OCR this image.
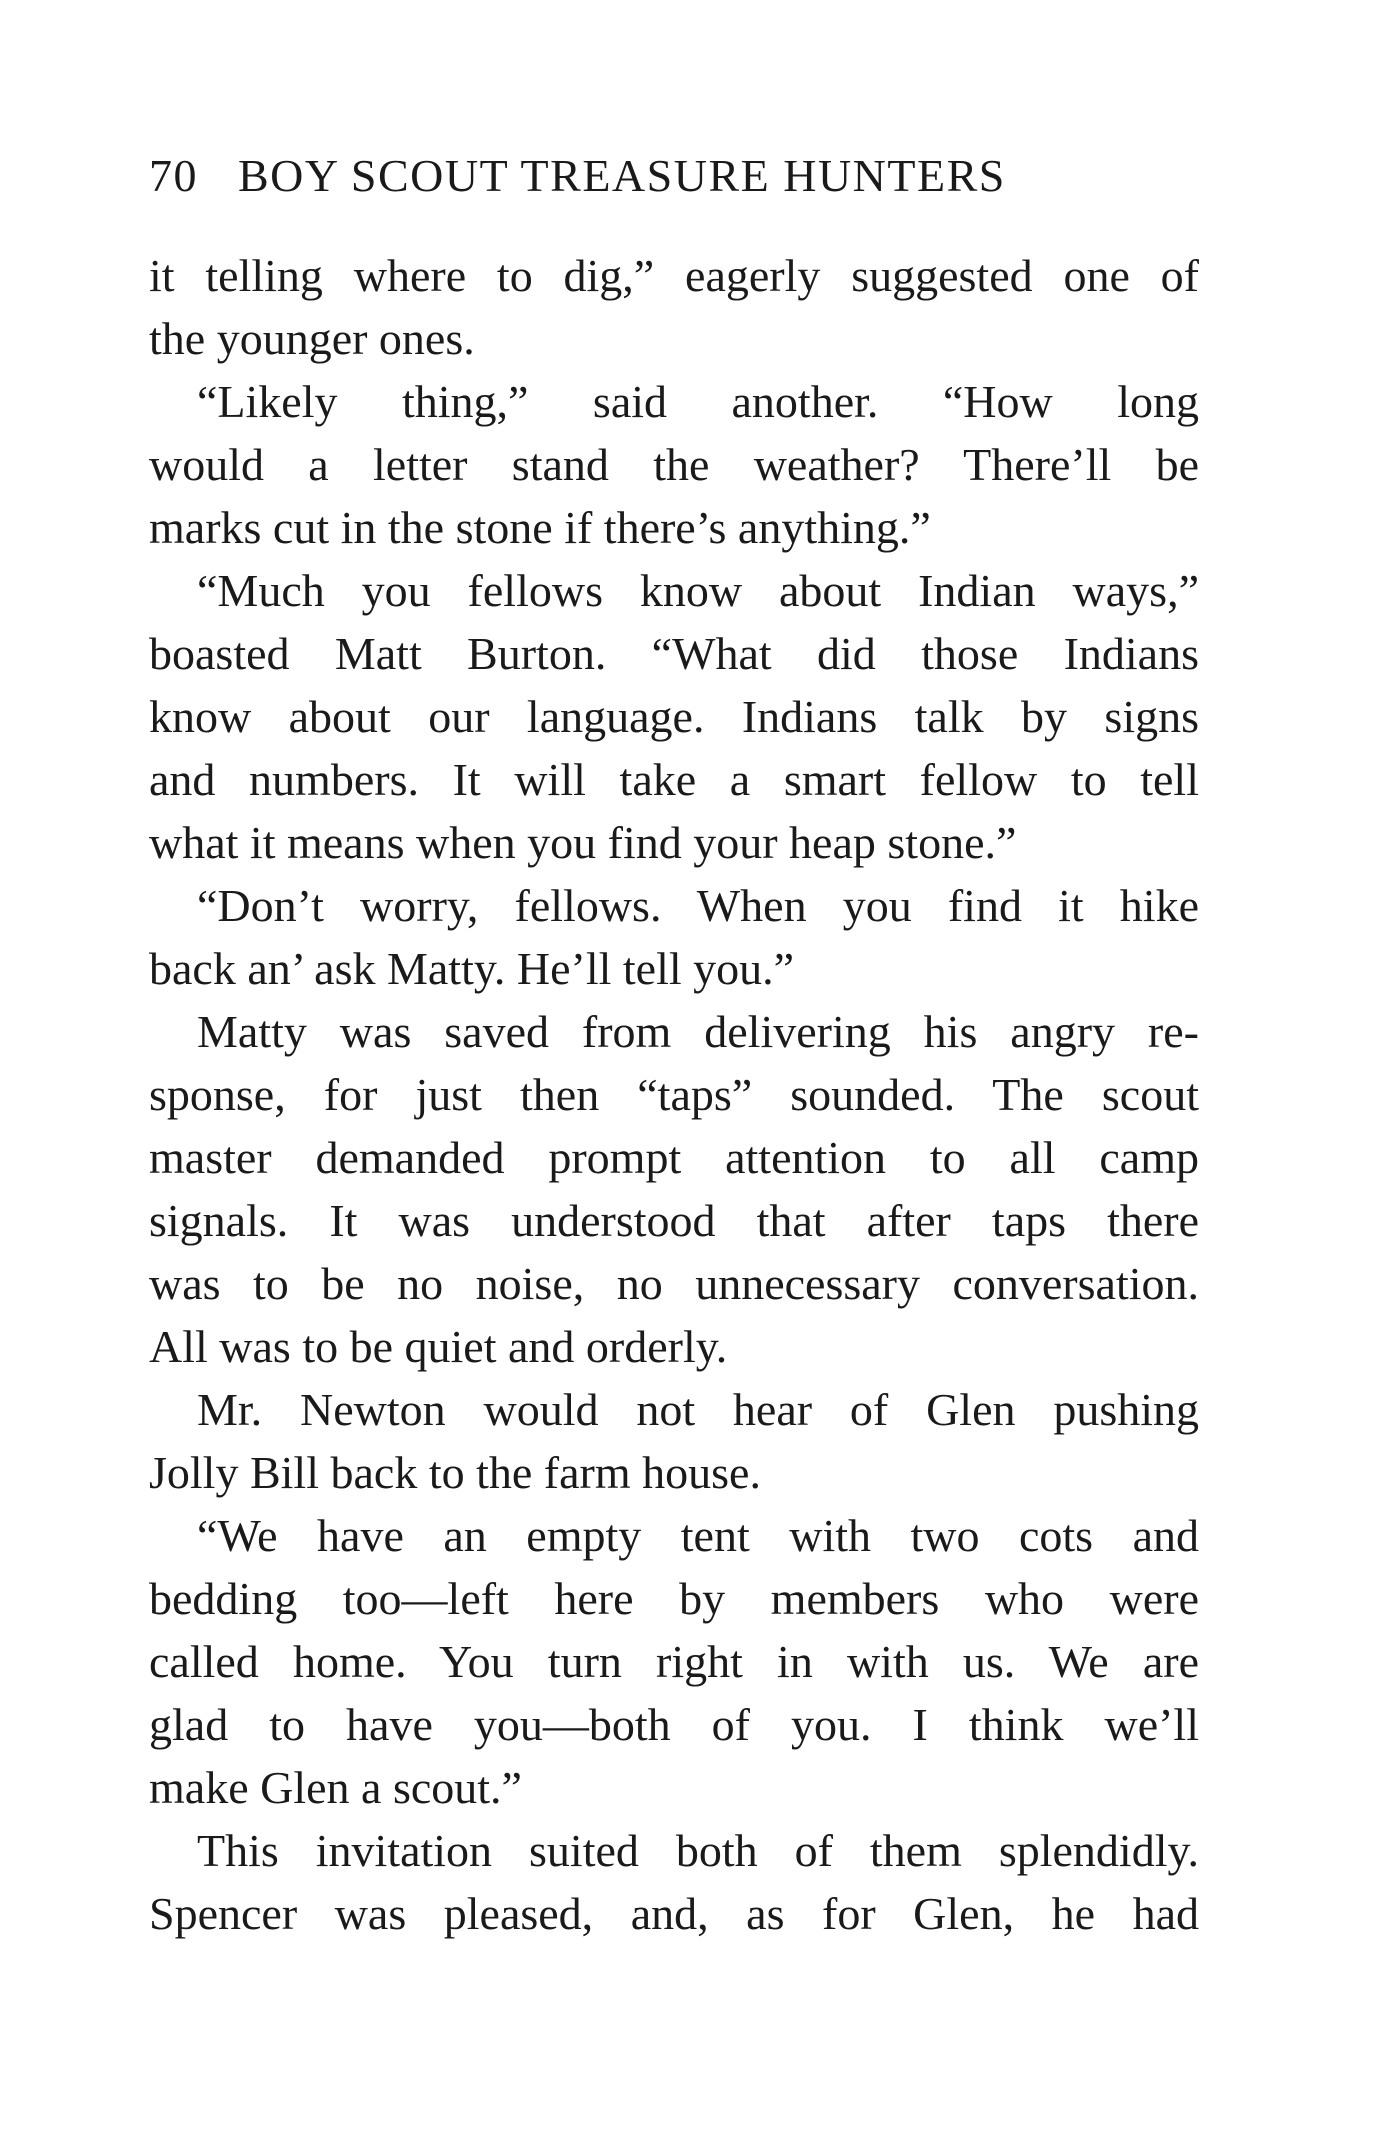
70 BOY SCOUT TREASURE HUNTERS
it telling where to dig,” eagerly suggested one of
the younger ones.
“Likely thing,” said another. “How long
would a letter stand the weather? There’ll be
marks cut in the stone if there’s anything.”
“Much you fellows know about Indian ways,”
boasted Matt Burton. “What did those Indians
know about our language. Indians talk by signs
and numbers. It will take a smart fellow to tell
what it means when you find your heap stone.”
“Don’t worry, fellows. When you find it hike
back an’ ask Matty. He’ll tell you.”
Matty was saved from delivering his angry re-
sponse, for just then “taps” sounded. The scout
master demanded prompt attention to all camp
signals. It was understood that after taps there
was to be no noise, no unnecessary conversation.
All was to be quiet and orderly.
Mr. Newton would not hear of Glen pushing
Jolly Bill back to the farm house.
“We have an empty tent with two cots and
bedding too—left here by members who were
called home. You turn right in with us. We are
glad to have you—both of you. I think we’ll
make Glen a scout.”
This invitation suited both of them splendidly.
Spencer was pleased, and, as for Glen, he had
